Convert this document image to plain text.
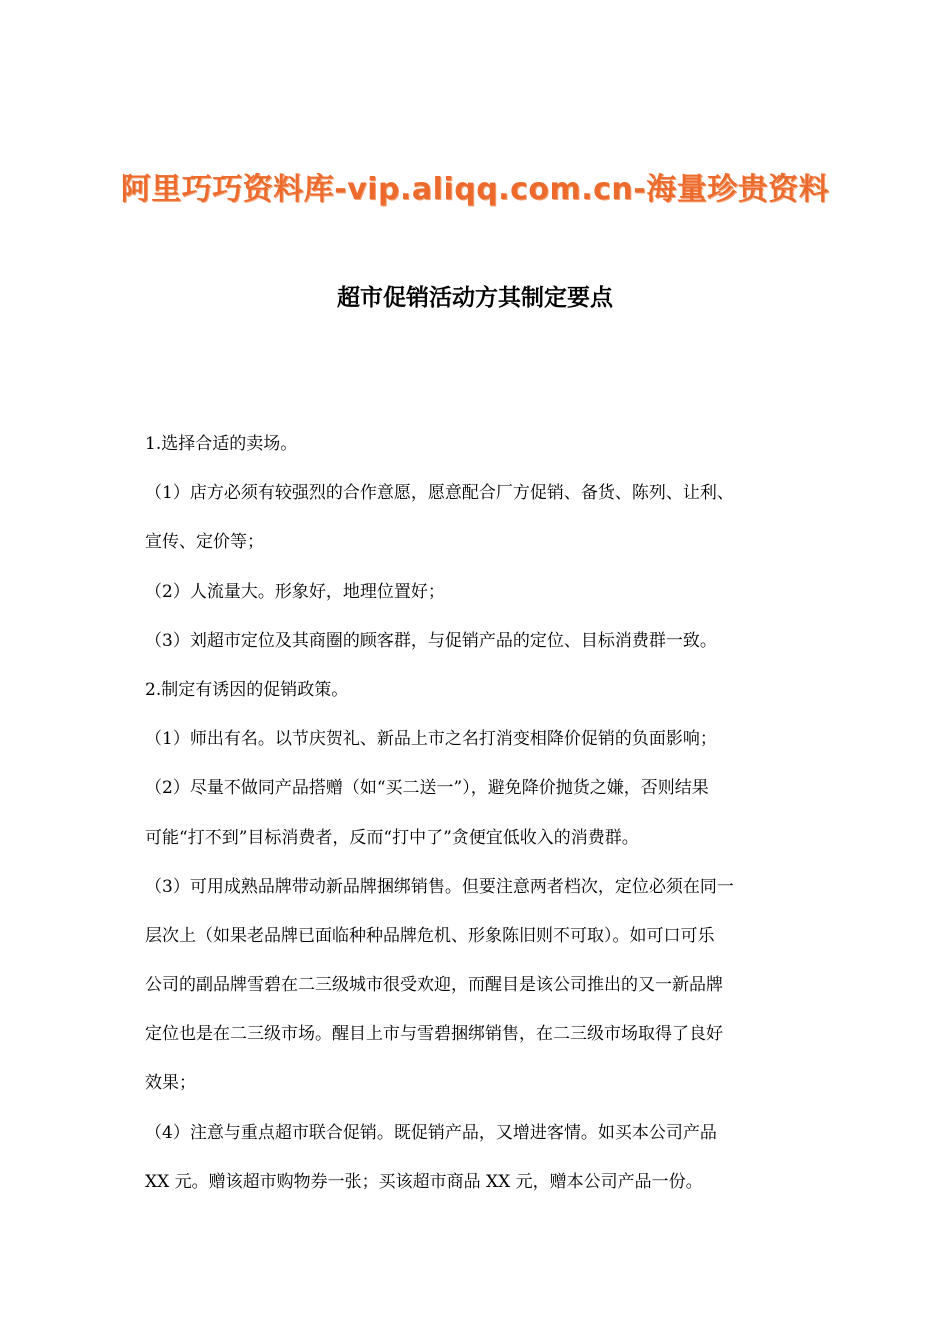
阿里巧巧资料库-vip.aliqq.com.cn-海量珍贵资料
超市促销活动方其制定要点
1.选择合适的卖场。
（1）店方必须有较强烈的合作意愿，愿意配合厂方促销、备货、陈列、让利、
宣传、定价等；
（2）人流量大。形象好，地理位置好；
（3）刘超市定位及其商圈的顾客群，与促销产品的定位、目标消费群一致。
2.制定有诱因的促销政策。
（1）师出有名。以节庆贺礼、新品上市之名打消变相降价促销的负面影响；
（2）尽量不做同产品搭赠（如“买二送一”），避免降价抛货之嫌，否则结果
可能“打不到”目标消费者，反而“打中了”贪便宜低收入的消费群。
（3）可用成熟品牌带动新品牌捆绑销售。但要注意两者档次，定位必须在同一
层次上（如果老品牌已面临种种品牌危机、形象陈旧则不可取）。如可口可乐
公司的副品牌雪碧在二三级城市很受欢迎，而醒目是该公司推出的又一新品牌
定位也是在二三级市场。醒目上市与雪碧捆绑销售，在二三级市场取得了良好
效果；
（4）注意与重点超市联合促销。既促销产品，又增进客情。如买本公司产品
XX 元。赠该超市购物券一张；买该超市商品 XX 元，赠本公司产品一份。
